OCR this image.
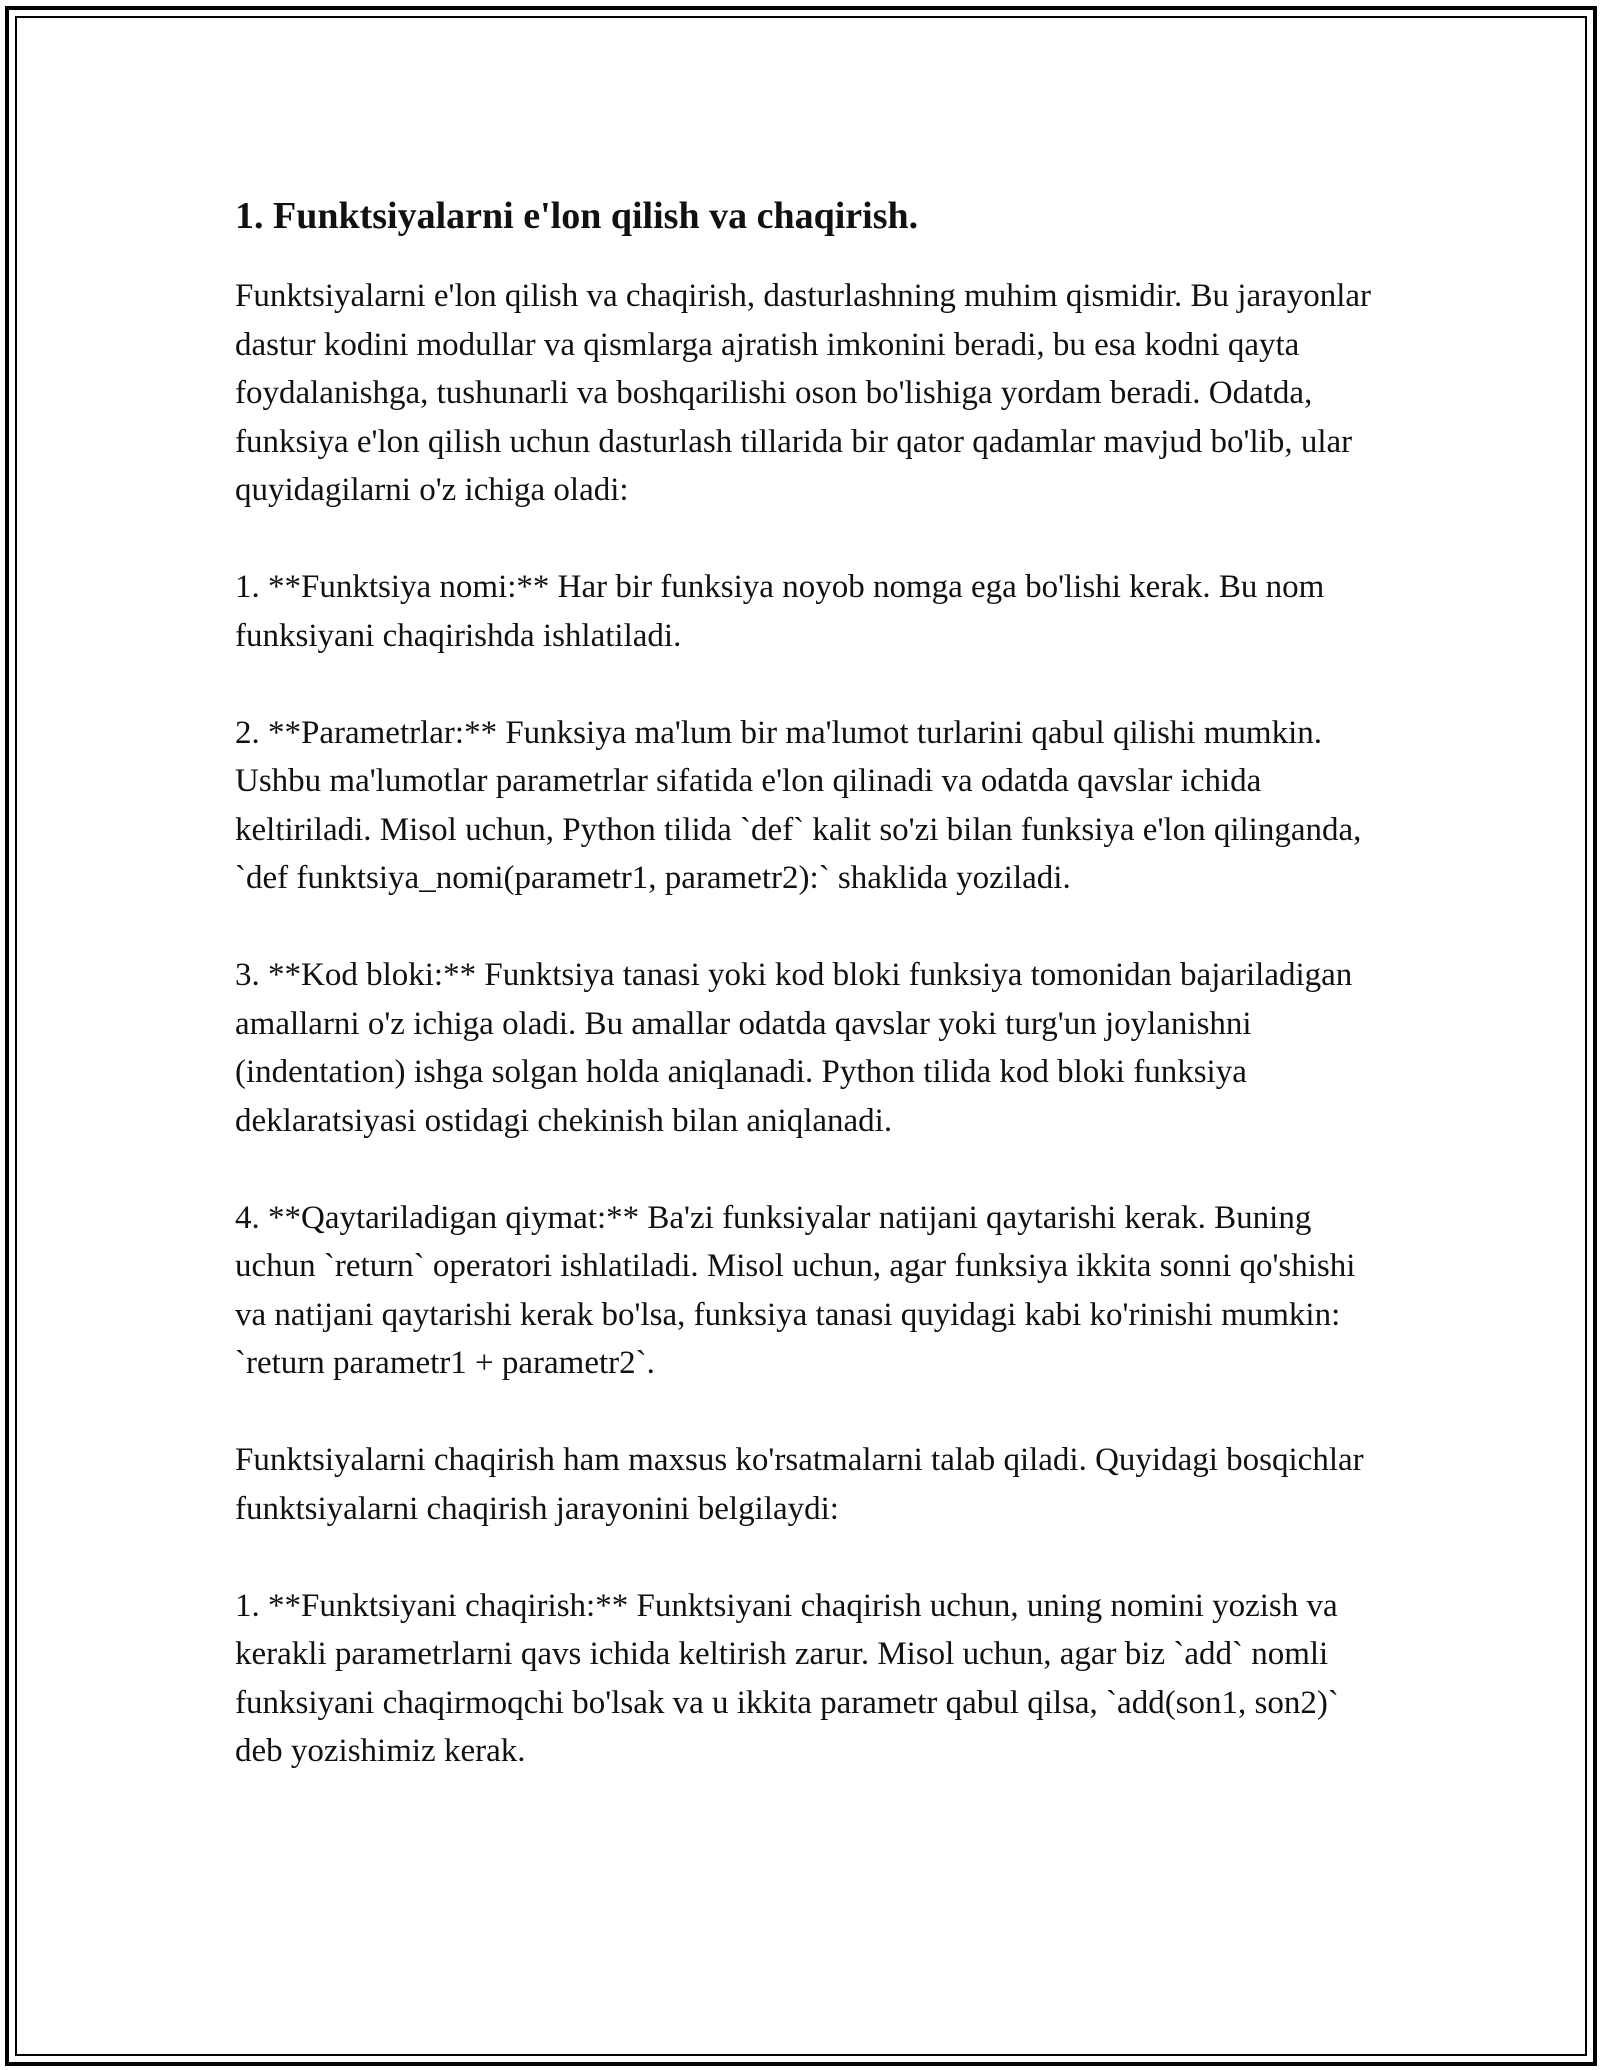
1. Funktsiyalarni e'lon qilish va chaqirish.

Funktsiyalarni e'lon qilish va chaqirish, dasturlashning muhim qismidir. Bu jarayonlar dastur kodini modullar va qismlarga ajratish imkonini beradi, bu esa kodni qayta foydalanishga, tushunarli va boshqarilishi oson bo'lishiga yordam beradi. Odatda, funksiya e'lon qilish uchun dasturlash tillarida bir qator qadamlar mavjud bo'lib, ular quyidagilarni o'z ichiga oladi:

1. **Funktsiya nomi:** Har bir funksiya noyob nomga ega bo'lishi kerak. Bu nom funksiyani chaqirishda ishlatiladi.

2. **Parametrlar:** Funksiya ma'lum bir ma'lumot turlarini qabul qilishi mumkin. Ushbu ma'lumotlar parametrlar sifatida e'lon qilinadi va odatda qavslar ichida keltiriladi. Misol uchun, Python tilida `def` kalit so'zi bilan funksiya e'lon qilinganda, `def funktsiya_nomi(parametr1, parametr2):` shaklida yoziladi.

3. **Kod bloki:** Funktsiya tanasi yoki kod bloki funksiya tomonidan bajariladigan amallarni o'z ichiga oladi. Bu amallar odatda qavslar yoki turg'un joylanishni (indentation) ishga solgan holda aniqlanadi. Python tilida kod bloki funksiya deklaratsiyasi ostidagi chekinish bilan aniqlanadi.

4. **Qaytariladigan qiymat:** Ba'zi funksiyalar natijani qaytarishi kerak. Buning uchun `return` operatori ishlatiladi. Misol uchun, agar funksiya ikkita sonni qo'shishi va natijani qaytarishi kerak bo'lsa, funksiya tanasi quyidagi kabi ko'rinishi mumkin: `return parametr1 + parametr2`.

Funktsiyalarni chaqirish ham maxsus ko'rsatmalarni talab qiladi. Quyidagi bosqichlar funktsiyalarni chaqirish jarayonini belgilaydi:

1. **Funktsiyani chaqirish:** Funktsiyani chaqirish uchun, uning nomini yozish va kerakli parametrlarni qavs ichida keltirish zarur. Misol uchun, agar biz `add` nomli funksiyani chaqirmoqchi bo'lsak va u ikkita parametr qabul qilsa, `add(son1, son2)` deb yozishimiz kerak.
